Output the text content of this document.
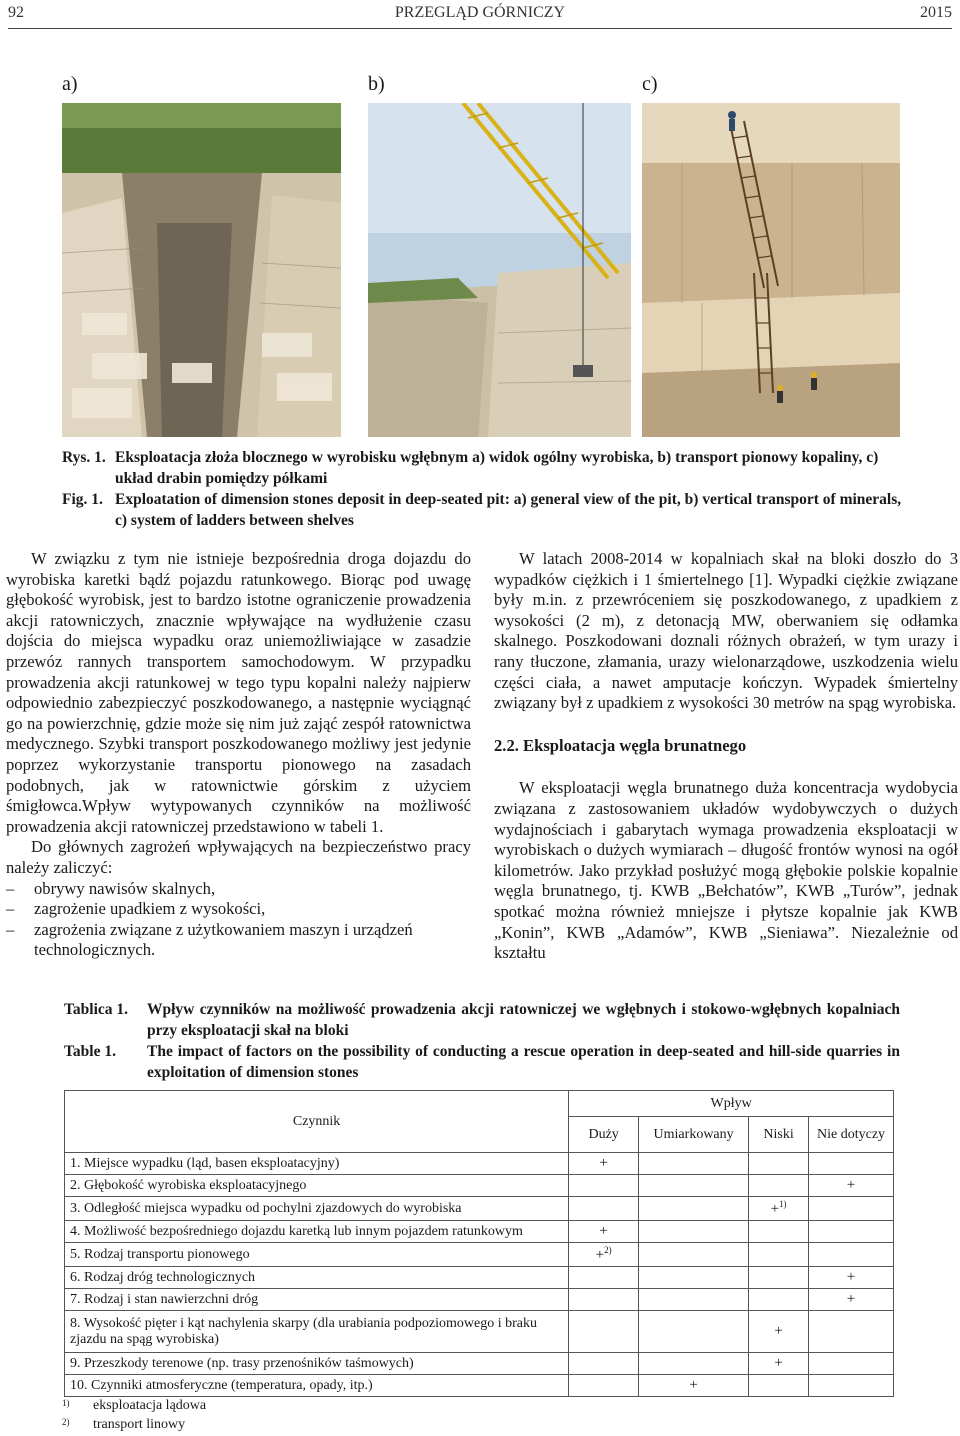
92	PRZEGLĄD GÓRNICZY	2015
a)	b)	c)
Rys. 1. Eksploatacja złoża blocznego w wyrobisku wgłębnym a) widok ogólny wyrobiska, b) transport pionowy kopaliny, c) układ drabin pomiędzy półkami
Fig. 1. Exploatation of dimension stones deposit in deep-seated pit: a) general view of the pit, b) vertical transport of minerals, c) system of ladders between shelves

W związku z tym nie istnieje bezpośrednia droga dojazdu do wyrobiska karetki bądź pojazdu ratunkowego. Biorąc pod uwagę głębokość wyrobisk, jest to bardzo istotne ograniczenie prowadzenia akcji ratowniczych, znacznie wpływające na wydłużenie czasu dojścia do miejsca wypadku oraz uniemożliwiające w zasadzie przewóz rannych transportem samochodowym. W przypadku prowadzenia akcji ratunkowej w tego typu kopalni należy najpierw odpowiednio zabezpieczyć poszkodowanego, a następnie wyciągnąć go na powierzchnię, gdzie może się nim już zająć zespół ratownictwa medycznego. Szybki transport poszkodowanego możliwy jest jedynie poprzez wykorzystanie transportu pionowego na zasadach podobnych, jak w ratownictwie górskim z użyciem śmigłowca.Wpływ wytypowanych czynników na możliwość prowadzenia akcji ratowniczej przedstawiono w tabeli 1.

Do głównych zagrożeń wpływających na bezpieczeństwo pracy należy zaliczyć:

–	obrywy nawisów skalnych,
–	zagrożenie upadkiem z wysokości,
–	zagrożenia związane z użytkowaniem maszyn i urządzeń technologicznych.

W latach 2008-2014 w kopalniach skał na bloki doszło do 3 wypadków ciężkich i 1 śmiertelnego [1]. Wypadki ciężkie związane były m.in. z przewróceniem się poszkodowanego, z upadkiem z wysokości (2 m), z detonacją MW, oberwaniem się odłamka skalnego. Poszkodowani doznali różnych obrażeń, w tym urazy i rany tłuczone, złamania, urazy wielonarządowe, uszkodzenia wielu części ciała, a nawet amputacje kończyn. Wypadek śmiertelny związany był z upadkiem z wysokości 30 metrów na spąg wyrobiska.

2.2. Eksploatacja węgla brunatnego

W eksploatacji węgla brunatnego duża koncentracja wydobycia związana z zastosowaniem układów wydobywczych o dużych wydajnościach i gabarytach wymaga prowadzenia eksploatacji w wyrobiskach o dużych wymiarach – długość frontów wynosi na ogół kilometrów. Jako przykład posłużyć mogą głębokie polskie kopalnie węgla brunatnego, tj. KWB „Bełchatów”, KWB „Turów”, jednak spotkać można również mniejsze i płytsze kopalnie jak KWB „Konin”, KWB „Adamów”, KWB „Sieniawa”. Niezależnie od kształtu

Tablica 1.	Wpływ czynników na możliwość prowadzenia akcji ratowniczej we wgłębnych i stokowo-wgłębnych kopalniach przy eksploatacji skał na bloki
Table 1.	The impact of factors on the possibility of conducting a rescue operation in deep-seated and hill-side quarries in exploitation of dimension stones
Czynnik	Wpływ			
	Duży	Umiarkowany	Niski	Nie dotyczy
1. Miejsce wypadku (ląd, basen eksploatacyjny)	+			
2. Głębokość wyrobiska eksploatacyjnego				+
3. Odległość miejsca wypadku od pochylni zjazdowych do wyrobiska			+$^{1)}$	
4. Możliwość bezpośredniego dojazdu karetką lub innym pojazdem ratunkowym	+			
5. Rodzaj transportu pionowego	+$^{2)}$			
6. Rodzaj dróg technologicznych				+
7. Rodzaj i stan nawierzchni dróg				+
8. Wysokość pięter i kąt nachylenia skarpy (dla urabiania podpoziomowego i braku zjazdu na spąg wyrobiska)			+	
9. Przeszkody terenowe (np. trasy przenośników taśmowych)			+	
10. Czynniki atmosferyczne (temperatura, opady, itp.)		+		
1)	eksploatacja lądowa
2)	transport linowy
